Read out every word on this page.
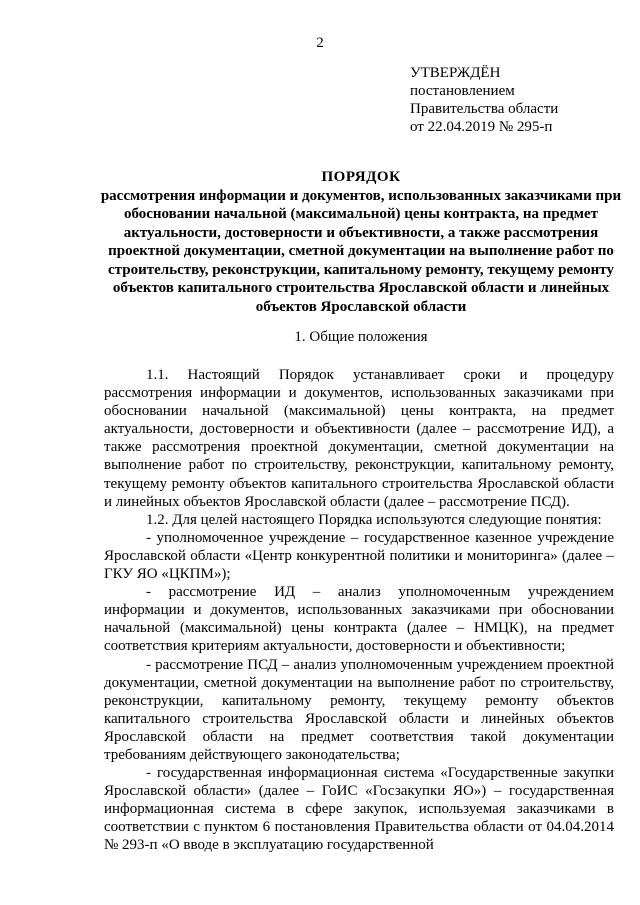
2
УТВЕРЖДЁН
постановлением
Правительства области
от 22.04.2019 № 295-п
ПОРЯДОК
рассмотрения информации и документов, использованных заказчиками при обосновании начальной (максимальной) цены контракта, на предмет актуальности, достоверности и объективности, а также рассмотрения проектной документации, сметной документации на выполнение работ по строительству, реконструкции, капитальному ремонту, текущему ремонту объектов капитального строительства Ярославской области и линейных объектов Ярославской области
1. Общие положения

1.1. Настоящий Порядок устанавливает сроки и процедуру рассмотрения информации и документов, использованных заказчиками при обосновании начальной (максимальной) цены контракта, на предмет актуальности, достоверности и объективности (далее – рассмотрение ИД), а также рассмотрения проектной документации, сметной документации на выполнение работ по строительству, реконструкции, капитальному ремонту, текущему ремонту объектов капитального строительства Ярославской области и линейных объектов Ярославской области (далее – рассмотрение ПСД).

1.2. Для целей настоящего Порядка используются следующие понятия:

- уполномоченное учреждение – государственное казенное учреждение Ярославской области «Центр конкурентной политики и мониторинга» (далее – ГКУ ЯО «ЦКПМ»);

- рассмотрение ИД – анализ уполномоченным учреждением информации и документов, использованных заказчиками при обосновании начальной (максимальной) цены контракта (далее – НМЦК), на предмет соответствия критериям актуальности, достоверности и объективности;

- рассмотрение ПСД – анализ уполномоченным учреждением проектной документации, сметной документации на выполнение работ по строительству, реконструкции, капитальному ремонту, текущему ремонту объектов капитального строительства Ярославской области и линейных объектов Ярославской области на предмет соответствия такой документации требованиям действующего законодательства;

- государственная информационная система «Государственные закупки Ярославской области» (далее – ГоИС «Госзакупки ЯО») – государственная информационная система в сфере закупок, используемая заказчиками в соответствии с пунктом 6 постановления Правительства области от 04.04.2014 № 293-п «О вводе в эксплуатацию государственной
